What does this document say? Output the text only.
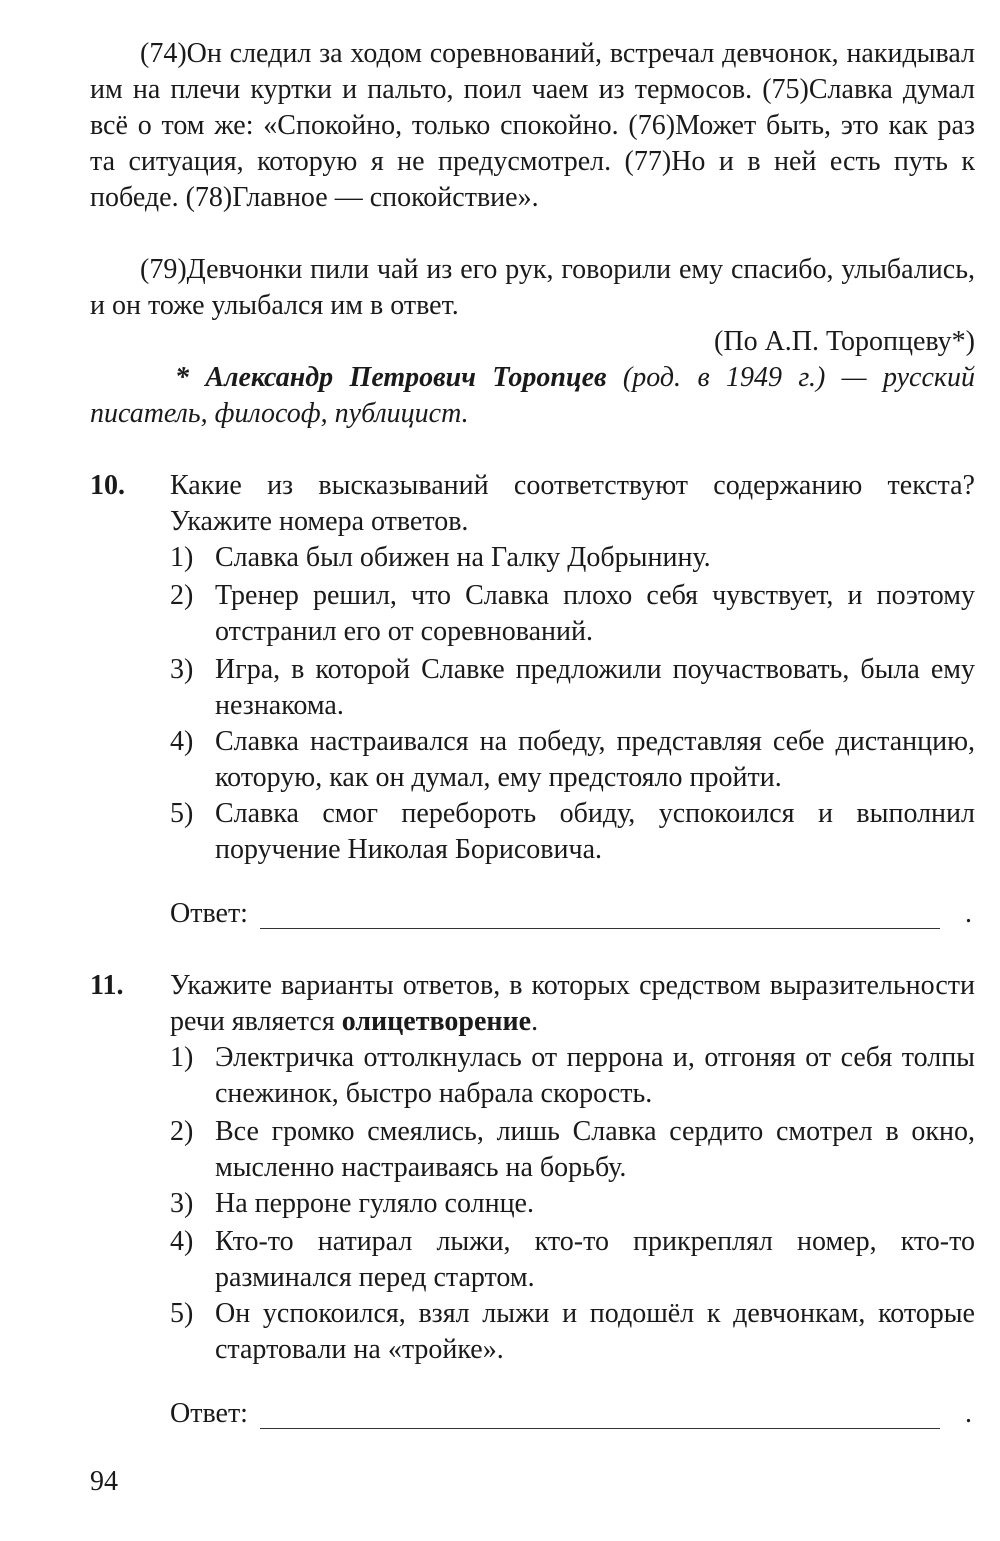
(74)Он следил за ходом соревнований, встречал девчонок, накидывал им на плечи куртки и пальто, поил чаем из термосов. (75)Славка думал всё о том же: «Спокойно, только спокойно. (76)Может быть, это как раз та ситуация, которую я не предусмотрел. (77)Но и в ней есть путь к победе. (78)Главное — спокойствие».

(79)Девчонки пили чай из его рук, говорили ему спасибо, улыбались, и он тоже улыбался им в ответ.

(По А.П. Торопцеву*)

* Александр Петрович Торопцев (род. в 1949 г.) — русский писатель, философ, публицист.

10. Какие из высказываний соответствуют содержанию текста? Укажите номера ответов.

1) Славка был обижен на Галку Добрынину.
2) Тренер решил, что Славка плохо себя чувствует, и поэтому отстранил его от соревнований.
3) Игра, в которой Славке предложили поучаствовать, была ему незнакома.
4) Славка настраивался на победу, представляя себе дистанцию, которую, как он думал, ему предстояло пройти.
5) Славка смог перебороть обиду, успокоился и выполнил поручение Николая Борисовича.
Ответ:	.

11. Укажите варианты ответов, в которых средством выразительности речи является олицетворение.

1) Электричка оттолкнулась от перрона и, отгоняя от себя толпы снежинок, быстро набрала скорость.
2) Все громко смеялись, лишь Славка сердито смотрел в окно, мысленно настраиваясь на борьбу.
3) На перроне гуляло солнце.
4) Кто-то натирал лыжи, кто-то прикреплял номер, кто-то разминался перед стартом.
5) Он успокоился, взял лыжи и подошёл к девчонкам, которые стартовали на «тройке».
Ответ:	.

94
